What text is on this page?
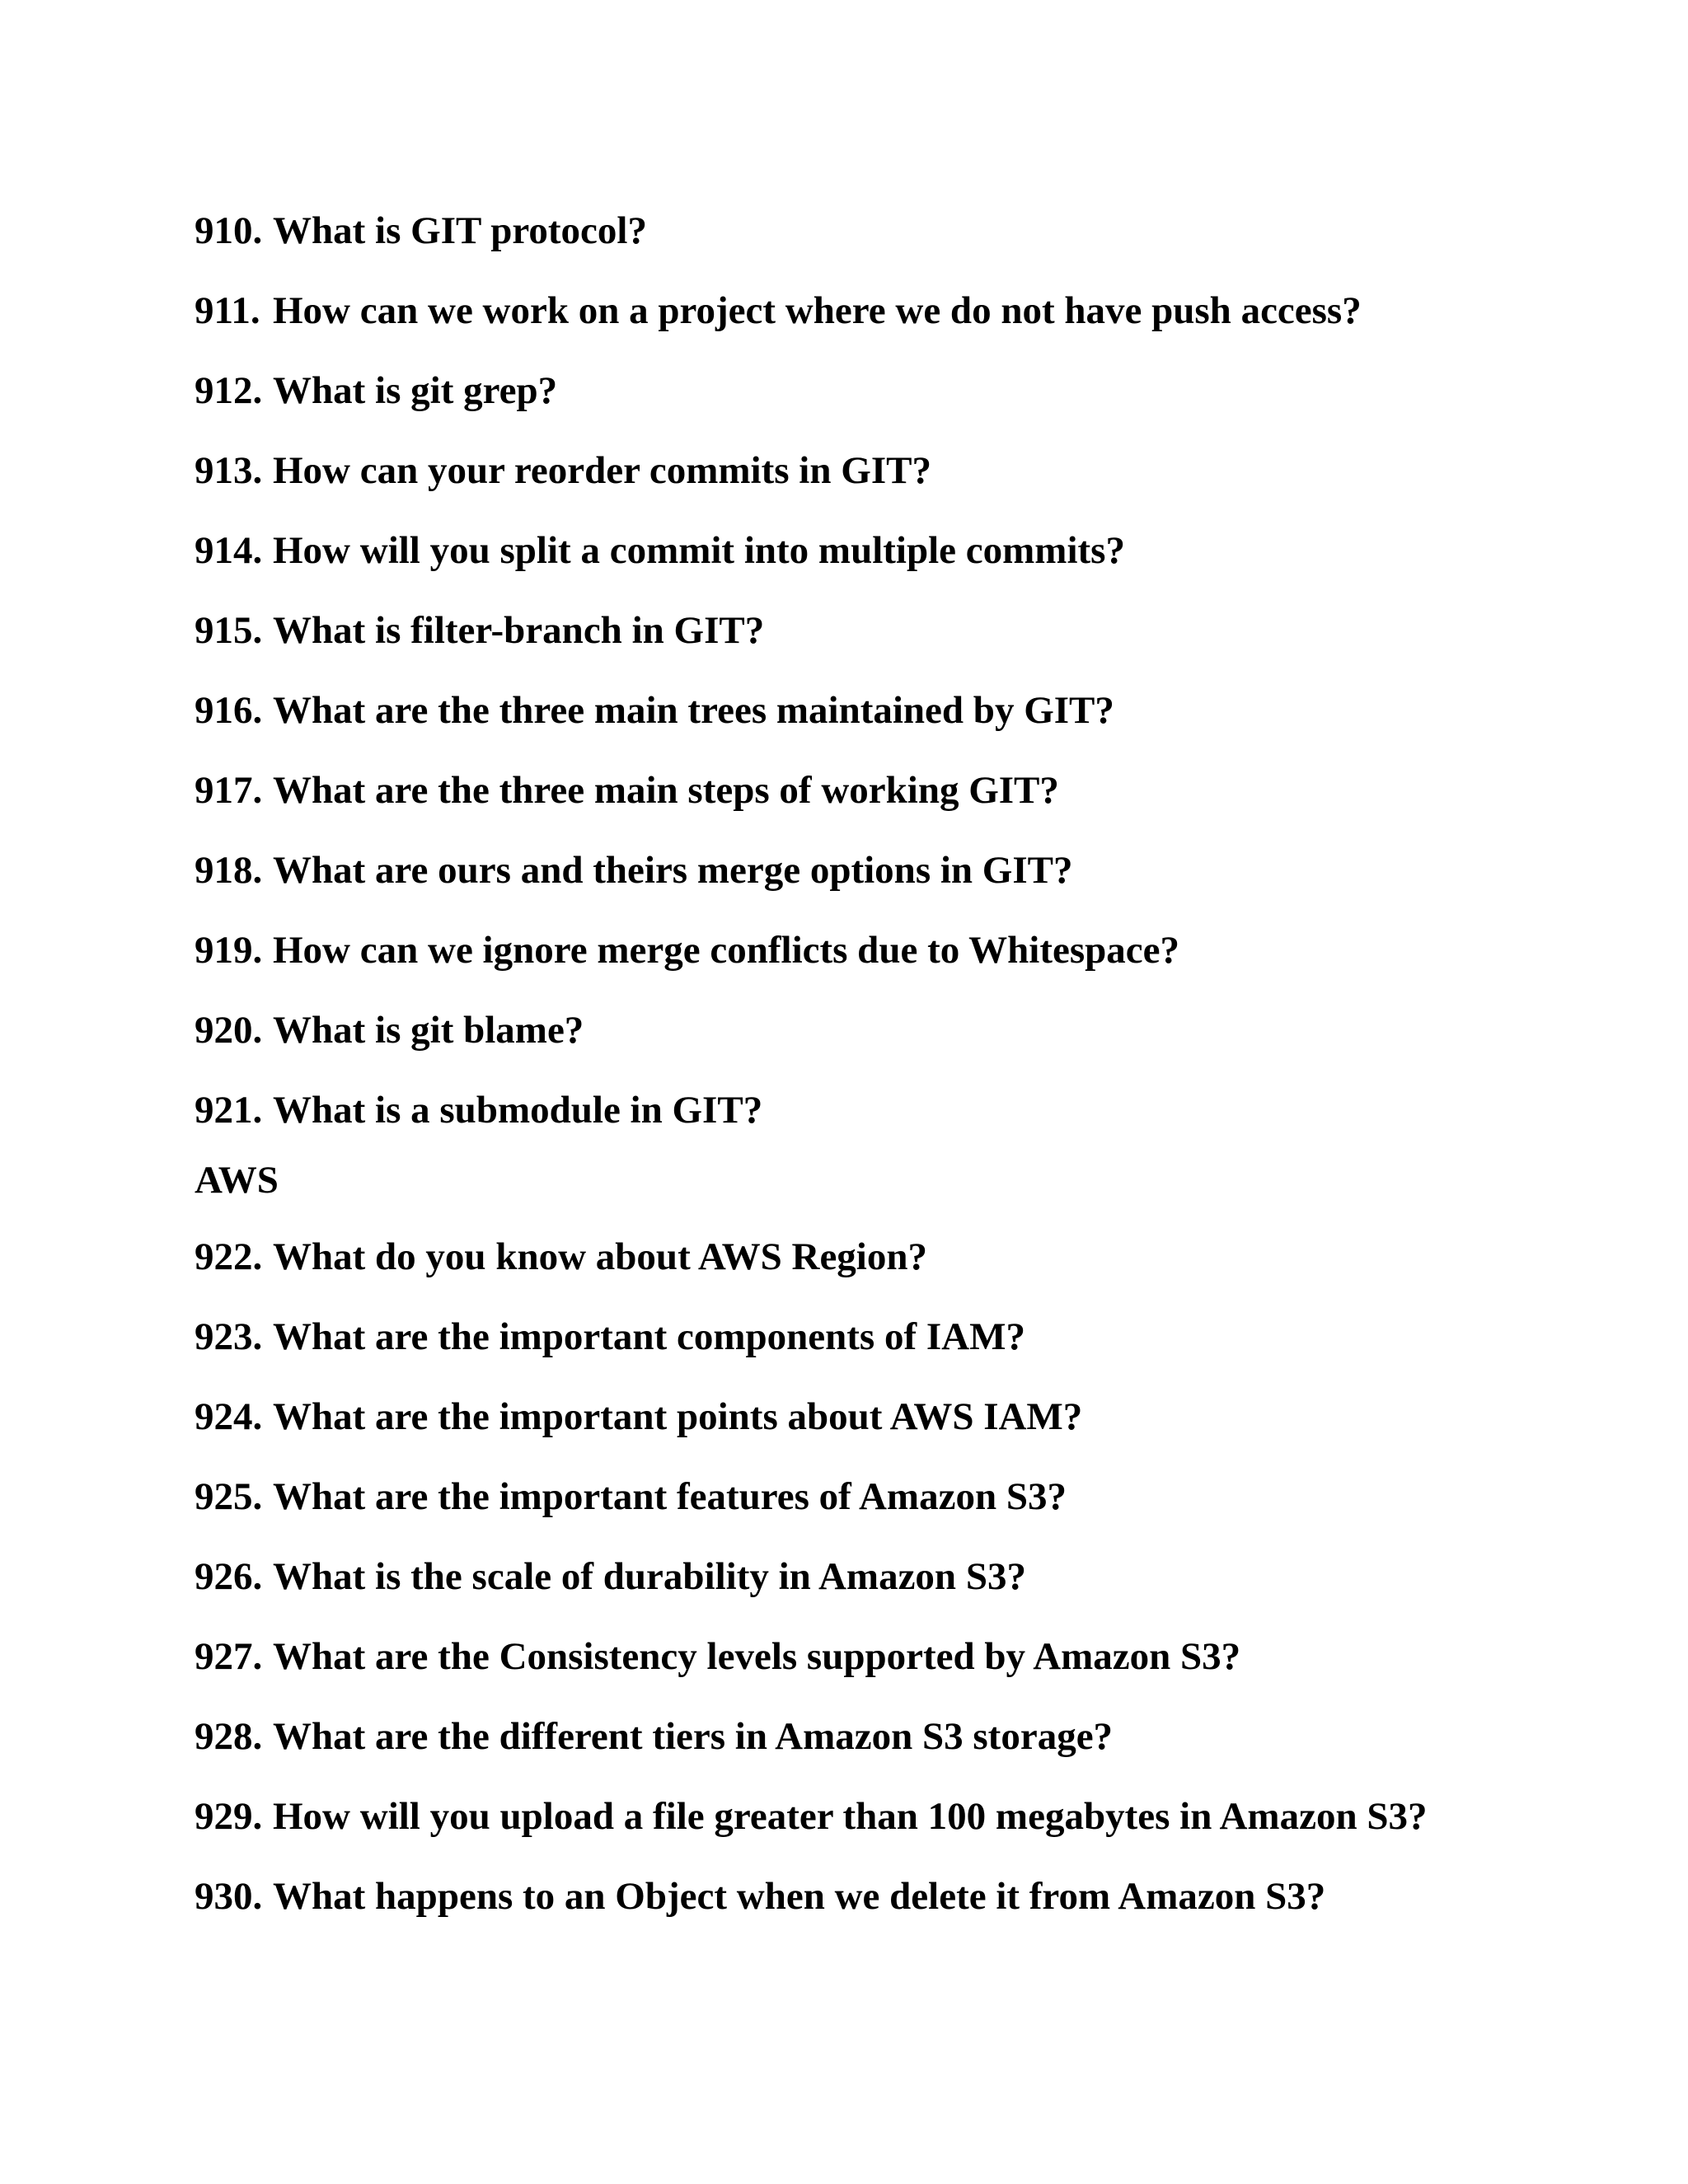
910. What is GIT protocol?
911.How can we work on a project where we do not have push access?
912. What is git grep?
913. How can your reorder commits in GIT?
914. How will you split a commit into multiple commits?
915. What is filter-branch in GIT?
916. What are the three main trees maintained by GIT?
917. What are the three main steps of working GIT?
918. What are ours and theirs merge options in GIT?
919. How can we ignore merge conflicts due to Whitespace?
920. What is git blame?
921. What is a submodule in GIT?
AWS
922. What do you know about AWS Region?
923. What are the important components of IAM?
924. What are the important points about AWS IAM?
925. What are the important features of Amazon S3?
926. What is the scale of durability in Amazon S3?
927. What are the Consistency levels supported by Amazon S3?
928. What are the different tiers in Amazon S3 storage?
929. How will you upload a file greater than 100 megabytes in Amazon S3?
930. What happens to an Object when we delete it from Amazon S3?
